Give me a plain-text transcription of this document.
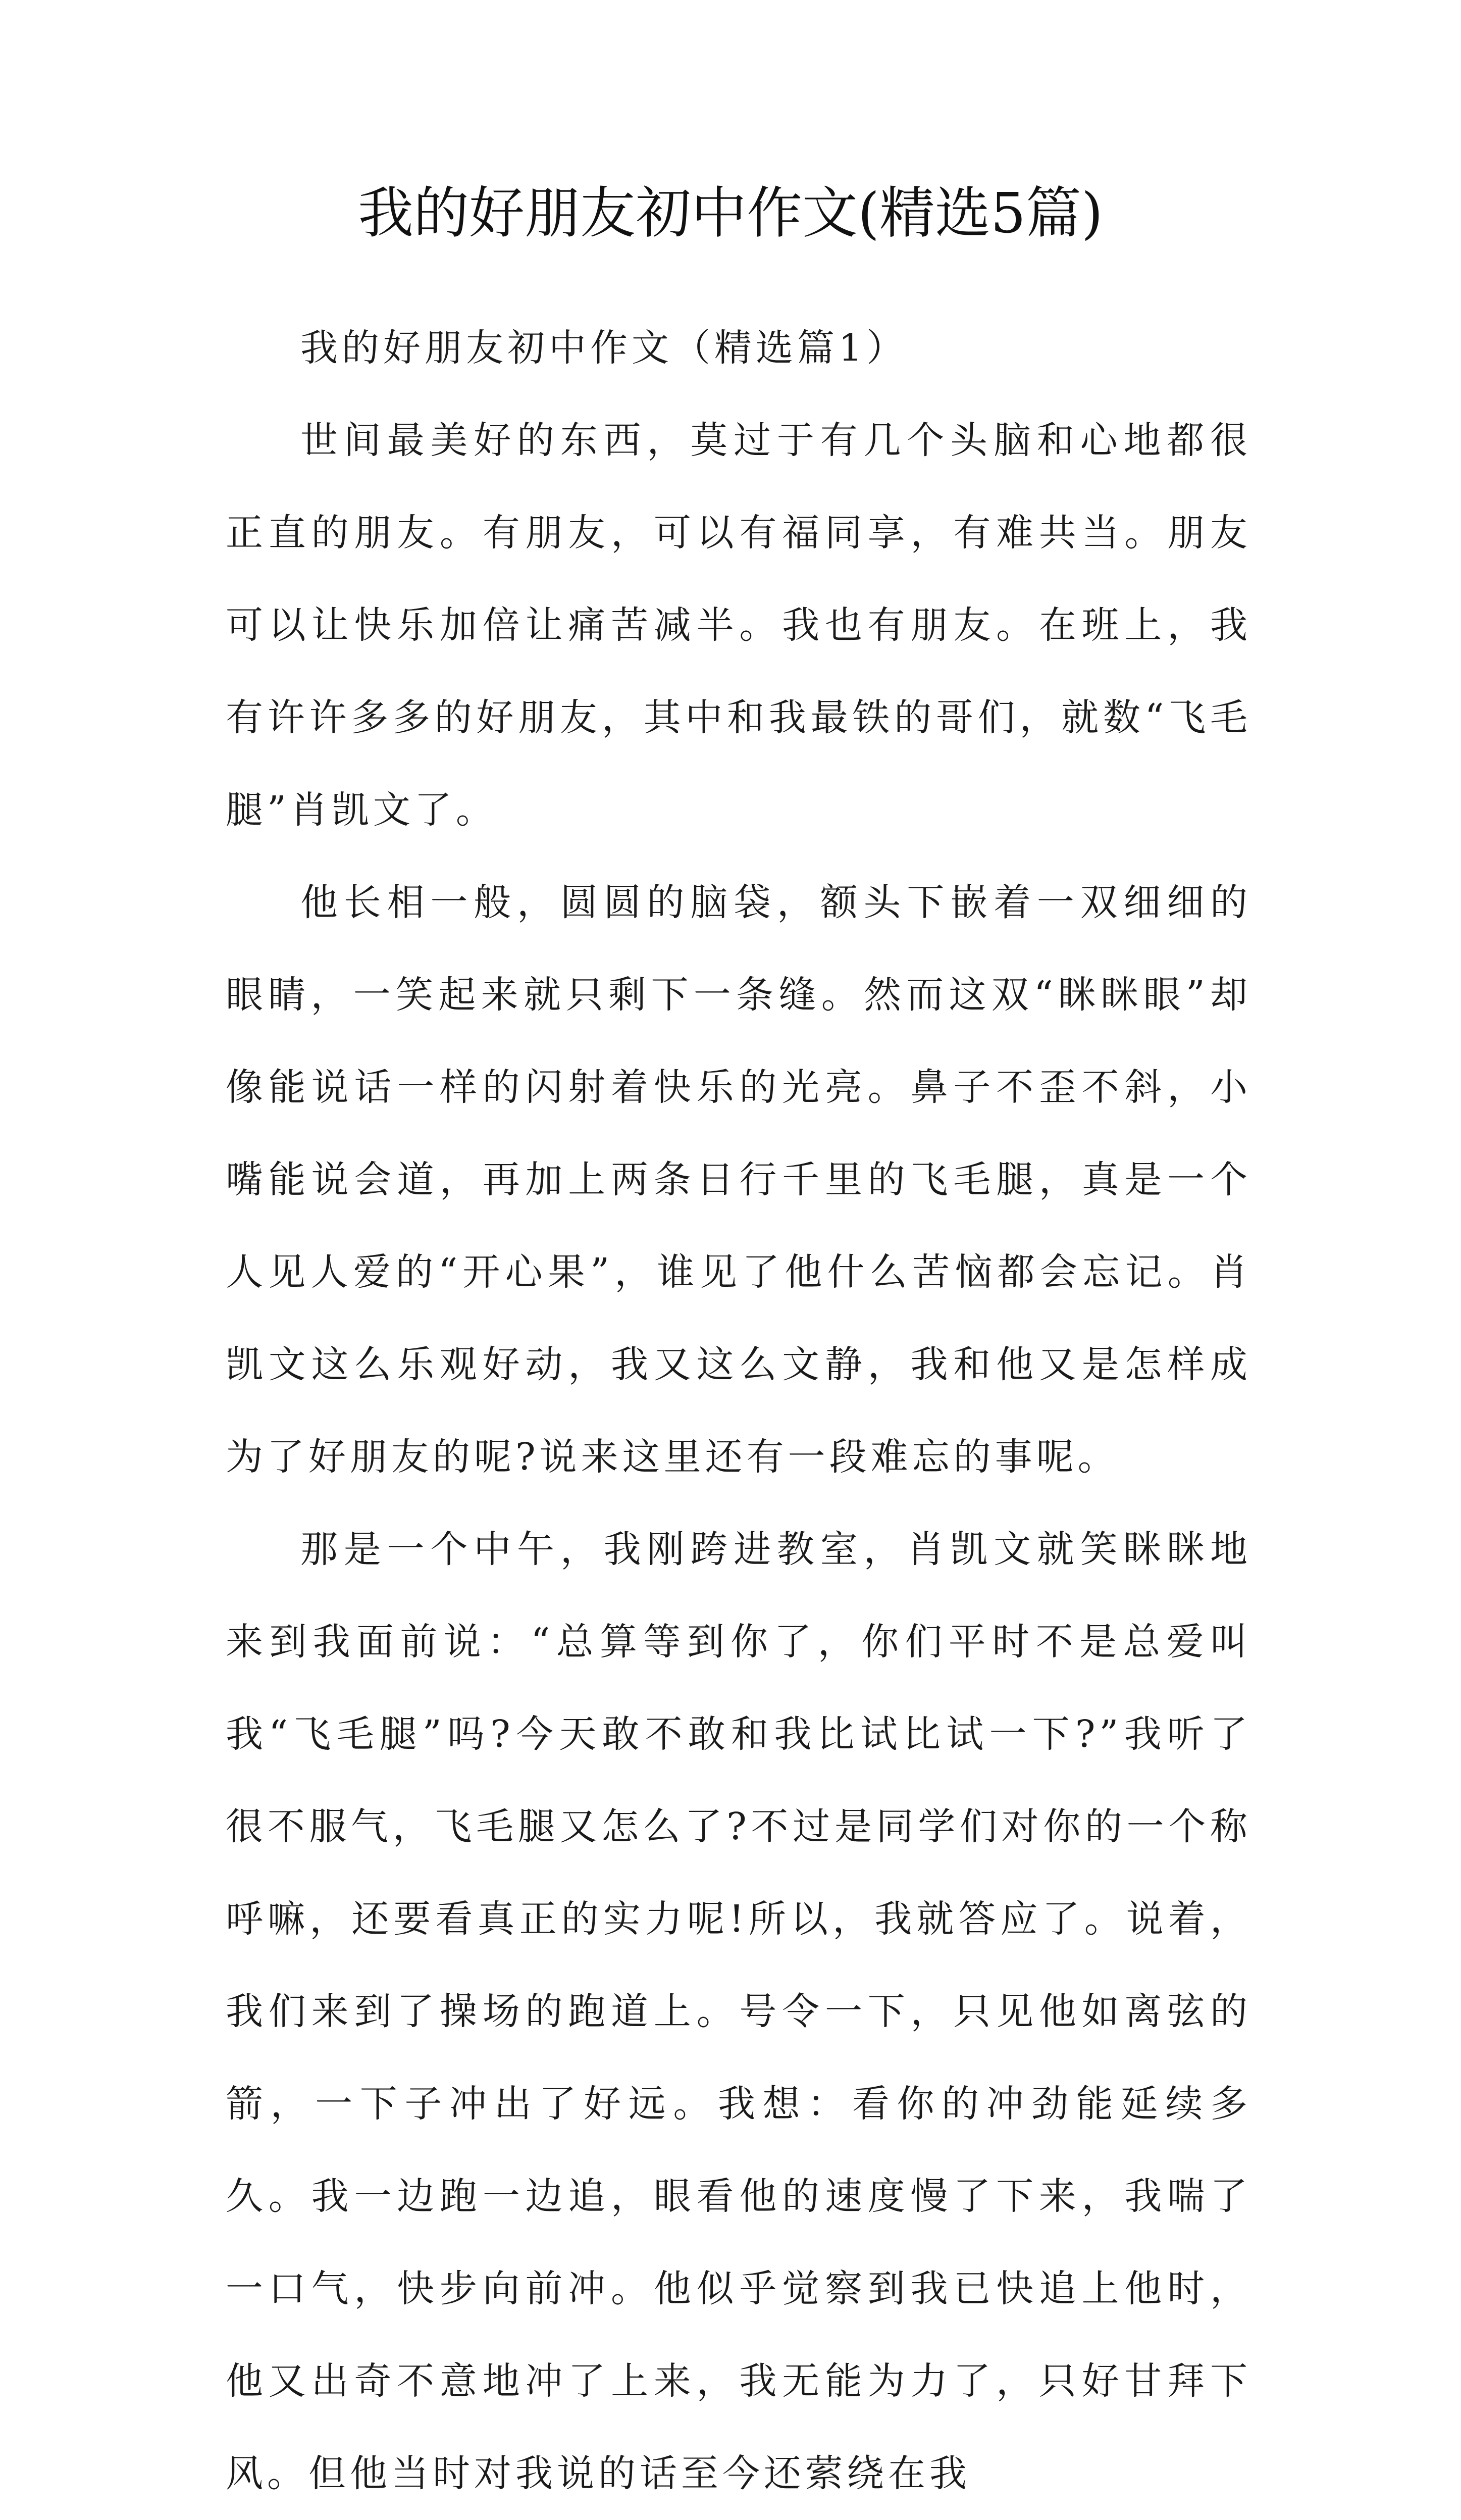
我的好朋友初中作文(精选5篇)

我的好朋友初中作文（精选篇1）

世间最美好的东西，莫过于有几个头脑和心地都很正直的朋友。有朋友，可以有福同享，有难共当。朋友可以让快乐加倍让痛苦减半。我也有朋友。在班上，我有许许多多的好朋友，其中和我最铁的哥们，就数“飞毛腿”肖凯文了。

他长相一般，圆圆的脑袋，额头下嵌着一双细细的眼睛，一笑起来就只剩下一条缝。然而这双“眯眯眼”却像能说话一样的闪射着快乐的光亮。鼻子不歪不斜，小嘴能说会道，再加上两条日行千里的飞毛腿，真是一个人见人爱的“开心果”，谁见了他什么苦恼都会忘记。肖凯文这么乐观好动，我又这么文静，我和他又是怎样成为了好朋友的呢?说来这里还有一段难忘的事呢。

那是一个中午，我刚跨进教室，肖凯文就笑眯眯地来到我面前说：“总算等到你了，你们平时不是总爱叫我“飞毛腿”吗?今天敢不敢和我比试比试一下?”我听了很不服气，飞毛腿又怎么了?不过是同学们对你的一个称呼嘛，还要看真正的实力呢!所以，我就答应了。说着，我们来到了操场的跑道上。号令一下，只见他如离弦的箭，一下子冲出了好远。我想：看你的冲劲能延续多久。我一边跑一边追，眼看他的速度慢了下来，我喘了一口气，快步向前冲。他似乎觉察到我已快追上他时，他又出奇不意地冲了上来，我无能为力了，只好甘拜下风。但他当时对我说的话至今还萦绕在我
